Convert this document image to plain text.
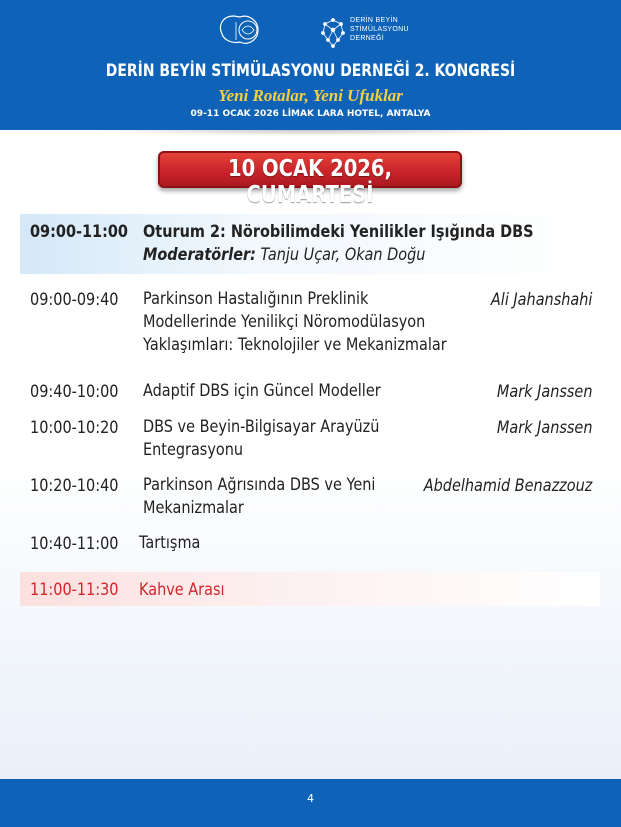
DERİN BEYİN
STİMÜLASYONU
DERNEĞİ
DERİN BEYİN STİMÜLASYONU DERNEĞİ 2. KONGRESİ
Yeni Rotalar, Yeni Ufuklar
09-11 OCAK 2026 LİMAK LARA HOTEL, ANTALYA
10 OCAK 2026, CUMARTESİ
09:00-11:00 Oturum 2: Nörobilimdeki Yenilikler Işığında DBS
Moderatörler: Tanju Uçar, Okan Doğu
09:00-09:40 Parkinson Hastalığının Preklinik Modellerinde Yenilikçi Nöromodülasyon Yaklaşımları: Teknolojiler ve Mekanizmalar
Ali Jahanshahi
09:40-10:00 Adaptif DBS için Güncel Modeller	Mark Janssen
10:00-10:20 DBS ve Beyin-Bilgisayar Arayüzü Entegrasyonu
Mark Janssen
10:20-10:40 Parkinson Ağrısında DBS ve Yeni Mekanizmalar
Abdelhamid Benazzouz
10:40-11:00 Tartışma
11:00-11:30 Kahve Arası
4
